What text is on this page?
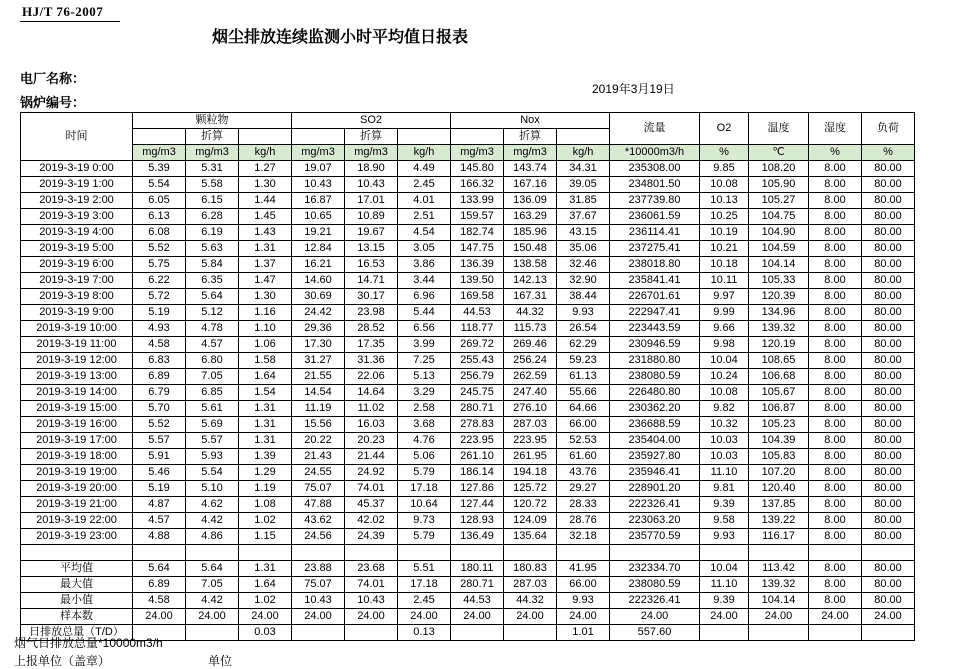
HJ/T 76-2007
烟尘排放连续监测小时平均值日报表
电厂名称：
锅炉编号：
2019年3月19日
时间	颗粒物			SO2			Nox			流量	O2	温度	湿度	负荷
		折算			折算			折算						
	mg/m3	mg/m3	kg/h	mg/m3	mg/m3	kg/h	mg/m3	mg/m3	kg/h	*10000m3/h	%	℃	%	%
2019-3-19 0:00	5.39	5.31	1.27	19.07	18.90	4.49	145.80	143.74	34.31	235308.00	9.85	108.20	8.00	80.00
2019-3-19 1:00	5.54	5.58	1.30	10.43	10.43	2.45	166.32	167.16	39.05	234801.50	10.08	105.90	8.00	80.00
2019-3-19 2:00	6.05	6.15	1.44	16.87	17.01	4.01	133.99	136.09	31.85	237739.80	10.13	105.27	8.00	80.00
2019-3-19 3:00	6.13	6.28	1.45	10.65	10.89	2.51	159.57	163.29	37.67	236061.59	10.25	104.75	8.00	80.00
2019-3-19 4:00	6.08	6.19	1.43	19.21	19.67	4.54	182.74	185.96	43.15	236114.41	10.19	104.90	8.00	80.00
2019-3-19 5:00	5.52	5.63	1.31	12.84	13.15	3.05	147.75	150.48	35.06	237275.41	10.21	104.59	8.00	80.00
2019-3-19 6:00	5.75	5.84	1.37	16.21	16.53	3.86	136.39	138.58	32.46	238018.80	10.18	104.14	8.00	80.00
2019-3-19 7:00	6.22	6.35	1.47	14.60	14.71	3.44	139.50	142.13	32.90	235841.41	10.11	105.33	8.00	80.00
2019-3-19 8:00	5.72	5.64	1.30	30.69	30.17	6.96	169.58	167.31	38.44	226701.61	9.97	120.39	8.00	80.00
2019-3-19 9:00	5.19	5.12	1.16	24.42	23.98	5.44	44.53	44.32	9.93	222947.41	9.99	134.96	8.00	80.00
2019-3-19 10:00	4.93	4.78	1.10	29.36	28.52	6.56	118.77	115.73	26.54	223443.59	9.66	139.32	8.00	80.00
2019-3-19 11:00	4.58	4.57	1.06	17.30	17.35	3.99	269.72	269.46	62.29	230946.59	9.98	120.19	8.00	80.00
2019-3-19 12:00	6.83	6.80	1.58	31.27	31.36	7.25	255.43	256.24	59.23	231880.80	10.04	108.65	8.00	80.00
2019-3-19 13:00	6.89	7.05	1.64	21.55	22.06	5.13	256.79	262.59	61.13	238080.59	10.24	106.68	8.00	80.00
2019-3-19 14:00	6.79	6.85	1.54	14.54	14.64	3.29	245.75	247.40	55.66	226480.80	10.08	105.67	8.00	80.00
2019-3-19 15:00	5.70	5.61	1.31	11.19	11.02	2.58	280.71	276.10	64.66	230362.20	9.82	106.87	8.00	80.00
2019-3-19 16:00	5.52	5.69	1.31	15.56	16.03	3.68	278.83	287.03	66.00	236688.59	10.32	105.23	8.00	80.00
2019-3-19 17:00	5.57	5.57	1.31	20.22	20.23	4.76	223.95	223.95	52.53	235404.00	10.03	104.39	8.00	80.00
2019-3-19 18:00	5.91	5.93	1.39	21.43	21.44	5.06	261.10	261.95	61.60	235927.80	10.03	105.83	8.00	80.00
2019-3-19 19:00	5.46	5.54	1.29	24.55	24.92	5.79	186.14	194.18	43.76	235946.41	11.10	107.20	8.00	80.00
2019-3-19 20:00	5.19	5.10	1.19	75.07	74.01	17.18	127.86	125.72	29.27	228901.20	9.81	120.40	8.00	80.00
2019-3-19 21:00	4.87	4.62	1.08	47.88	45.37	10.64	127.44	120.72	28.33	222326.41	9.39	137.85	8.00	80.00
2019-3-19 22:00	4.57	4.42	1.02	43.62	42.02	9.73	128.93	124.09	28.76	223063.20	9.58	139.22	8.00	80.00
2019-3-19 23:00	4.88	4.86	1.15	24.56	24.39	5.79	136.49	135.64	32.18	235770.59	9.93	116.17	8.00	80.00

平均值	5.64	5.64	1.31	23.88	23.68	5.51	180.11	180.83	41.95	232334.70	10.04	113.42	8.00	80.00
最大值	6.89	7.05	1.64	75.07	74.01	17.18	280.71	287.03	66.00	238080.59	11.10	139.32	8.00	80.00
最小值	4.58	4.42	1.02	10.43	10.43	2.45	44.53	44.32	9.93	222326.41	9.39	104.14	8.00	80.00
样本数	24.00	24.00	24.00	24.00	24.00	24.00	24.00	24.00	24.00	24.00	24.00	24.00	24.00	24.00
日排放总量（T/D）			0.03			0.13			1.01	557.60				
烟气日排放总量*10000m3/h
上报单位（盖章）	单位
